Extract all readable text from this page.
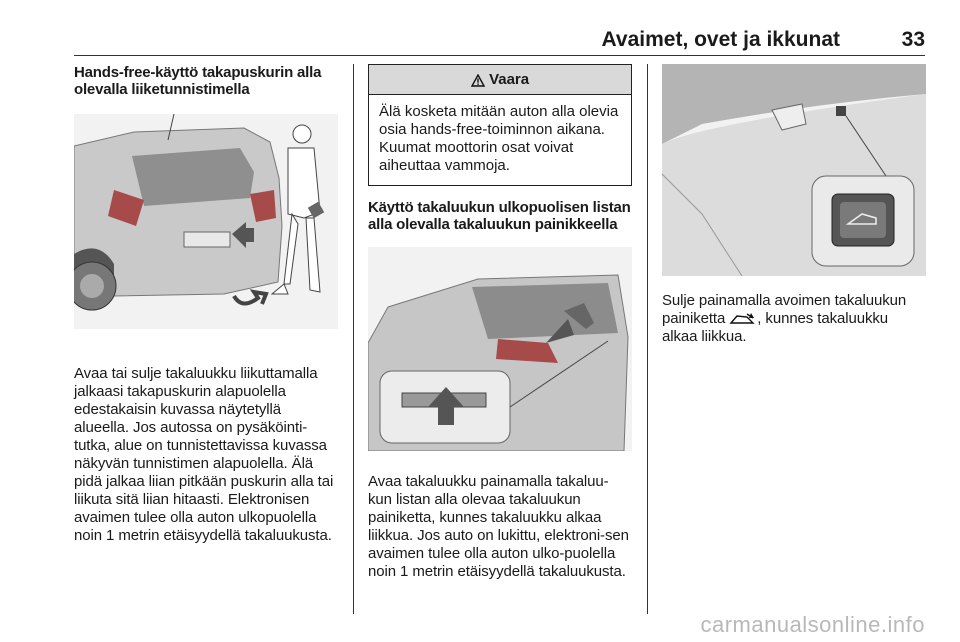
Avaimet, ovet ja ikkunat	33
Hands-free-käyttö takapuskurin alla olevalla liiketunnistimella

Avaa tai sulje takaluukku liikuttamalla jalkaasi takapuskurin alapuolella edestakaisin kuvassa näytetyllä alueella. Jos autossa on pysäköinti-tutka, alue on tunnistettavissa kuvassa näkyvän tunnistimen alapuolella. Älä pidä jalkaa liian pitkään puskurin alla tai liikuta sitä liian hitaasti. Elektronisen avaimen tulee olla auton ulkopuolella noin 1 metrin etäisyydellä takaluukusta.

Vaara
Älä kosketa mitään auton alla olevia osia hands-free-toiminnon aikana. Kuumat moottorin osat voivat aiheuttaa vammoja.
Käyttö takaluukun ulkopuolisen listan alla olevalla takaluukun painikkeella

Avaa takaluukku painamalla takaluu-kun listan alla olevaa takaluukun painiketta, kunnes takaluukku alkaa liikkua. Jos auto on lukittu, elektroni-sen avaimen tulee olla auton ulko-puolella noin 1 metrin etäisyydellä takaluukusta.

Sulje painamalla avoimen takaluukun painiketta , kunnes takaluukku alkaa liikkua.

carmanualsonline.info
